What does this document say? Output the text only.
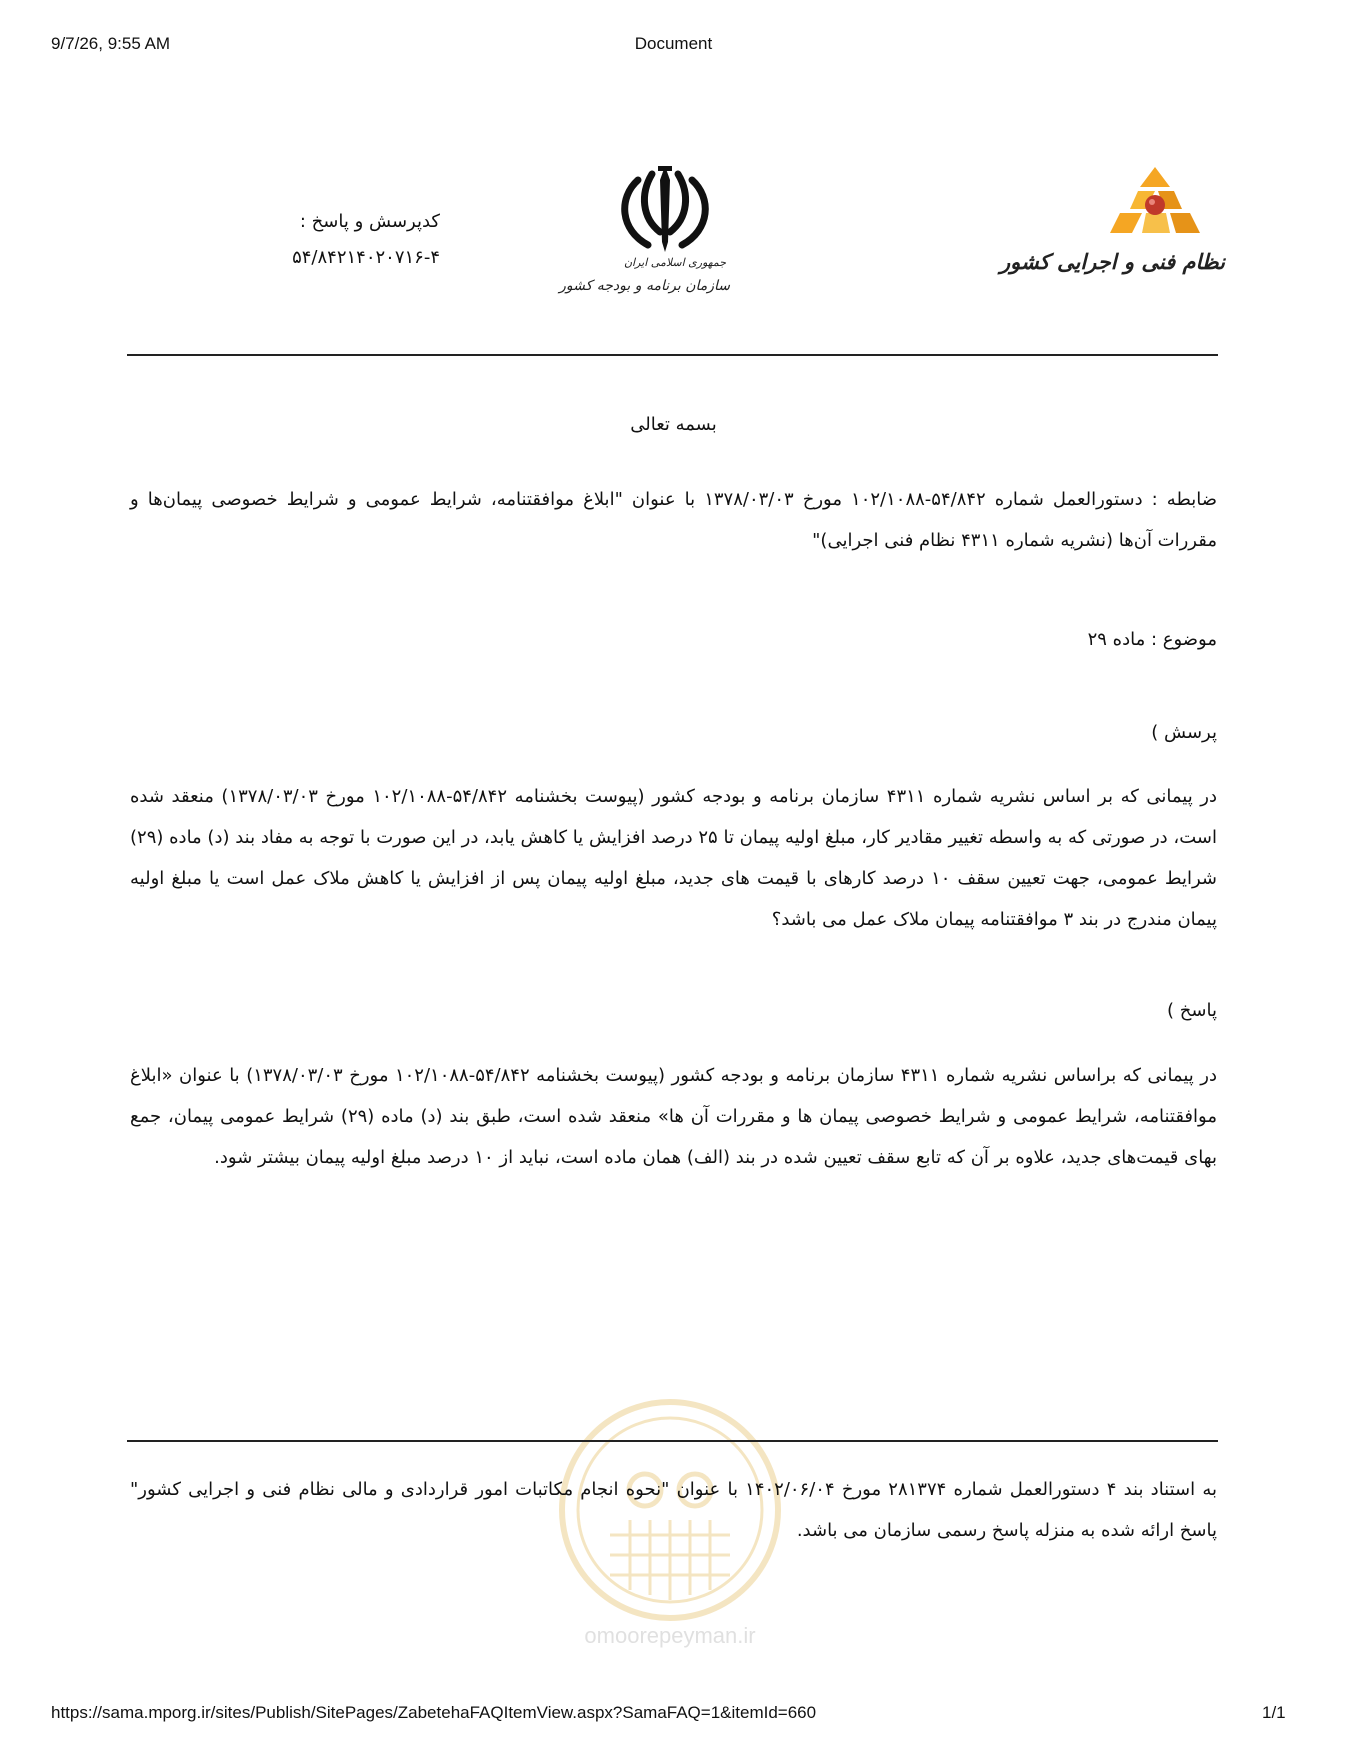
9/7/26, 9:55 AM	Document
کدپرسش و پاسخ :
۵۴/۸۴۲۱۴۰۲۰۷۱۶-۴	جمهوری اسلامی ایران
سازمان برنامه و بودجه کشور
نظام فنی و اجرایی کشور
بسمه تعالی
ضابطه : دستورالعمل شماره ۵۴/۸۴۲-۱۰۲/۱۰۸۸ مورخ ۱۳۷۸/۰۳/۰۳ با عنوان "ابلاغ موافقتنامه، شرایط عمومی و شرایط خصوصی پیمان‌ها و مقررات آن‌ها (نشریه شماره ۴۳۱۱ نظام فنی اجرایی)"
موضوع : ماده ۲۹
پرسش )
در پیمانی که بر اساس نشریه شماره ۴۳۱۱ سازمان برنامه و بودجه کشور (پیوست بخشنامه ۵۴/۸۴۲-۱۰۲/۱۰۸۸ مورخ ۱۳۷۸/۰۳/۰۳) منعقد شده است، در صورتی که به واسطه تغییر مقادیر کار، مبلغ اولیه پیمان تا ۲۵ درصد افزایش یا کاهش یابد، در این صورت با توجه به مفاد بند (د) ماده (۲۹) شرایط عمومی، جهت تعیین سقف ۱۰ درصد کارهای با قیمت های جدید، مبلغ اولیه پیمان پس از افزایش یا کاهش ملاک عمل است یا مبلغ اولیه پیمان مندرج در بند ۳ موافقتنامه پیمان ملاک عمل می باشد؟
پاسخ )
در پیمانی که براساس نشریه شماره ۴۳۱۱ سازمان برنامه و بودجه کشور (پیوست بخشنامه ۵۴/۸۴۲-۱۰۲/۱۰۸۸ مورخ ۱۳۷۸/۰۳/۰۳) با عنوان «ابلاغ موافقتنامه، شرایط عمومی و شرایط خصوصی پیمان ها و مقررات آن ها» منعقد شده است، طبق بند (د) ماده (۲۹) شرایط عمومی پیمان، جمع بهای قیمت‌های جدید، علاوه بر آن که تابع سقف تعیین شده در بند (الف) همان ماده است، نباید از ۱۰ درصد مبلغ اولیه پیمان بیشتر شود.
omoorepeyman.ir
به استناد بند ۴ دستورالعمل شماره ۲۸۱۳۷۴ مورخ ۱۴۰۲/۰۶/۰۴ با عنوان "نحوه انجام مکاتبات امور قراردادی و مالی نظام فنی و اجرایی کشور" پاسخ ارائه شده به منزله پاسخ رسمی سازمان می باشد.
https://sama.mporg.ir/sites/Publish/SitePages/ZabetehaFAQItemView.aspx?SamaFAQ=1&itemId=660	1/1
